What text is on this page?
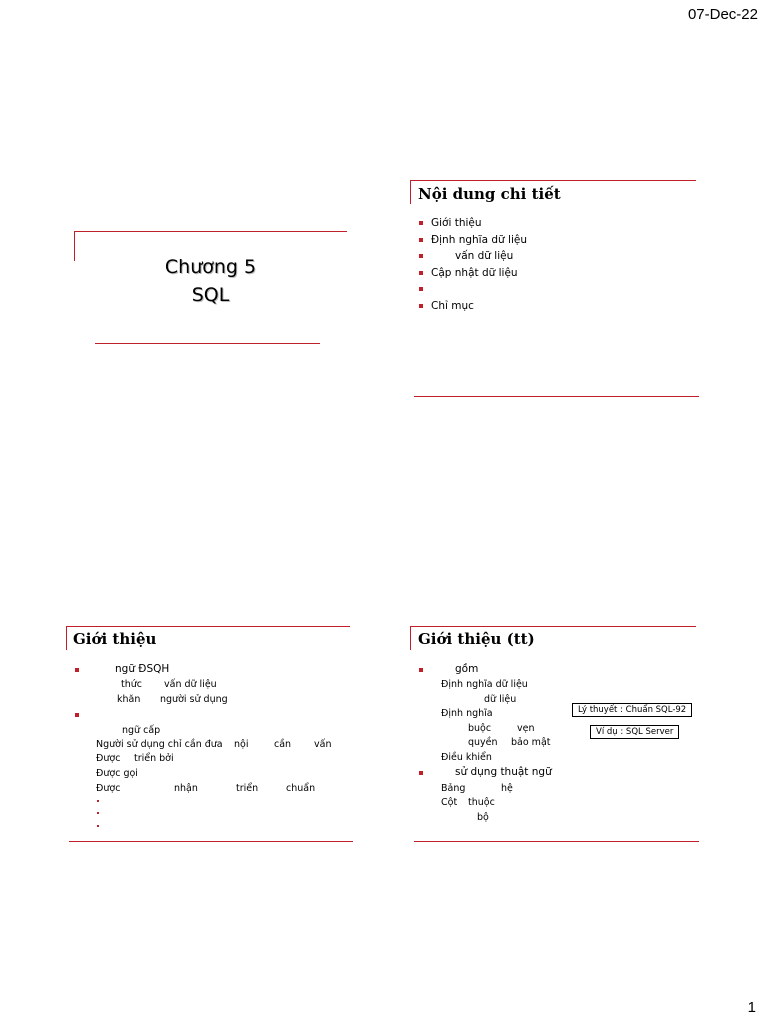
07-Dec-22
1
Chương 5
SQL
Nội dung chi tiết
Giới thiệu
Định nghĩa dữ liệu
vấn dữ liệu
Cập nhật dữ liệu
Chỉ mục
Giới thiệu
ngữ ĐSQH
thức vấn dữ liệu
khăn người sử dụng
ngữ cấp
Người sử dụng chỉ cần đưa nội	cần vấn
Được triển bởi
Được gọi
Được	nhận	triển	chuẩn
Giới thiệu (tt)
gồm
Định nghĩa dữ liệu
dữ liệu
Định nghĩa
buộc	vẹn
quyền bảo mật
Điều khiển
sử dụng thuật ngữ
Bảng	hệ
Cột thuộc
bộ
Lý thuyết : Chuẩn SQL-92
Ví dụ : SQL Server
